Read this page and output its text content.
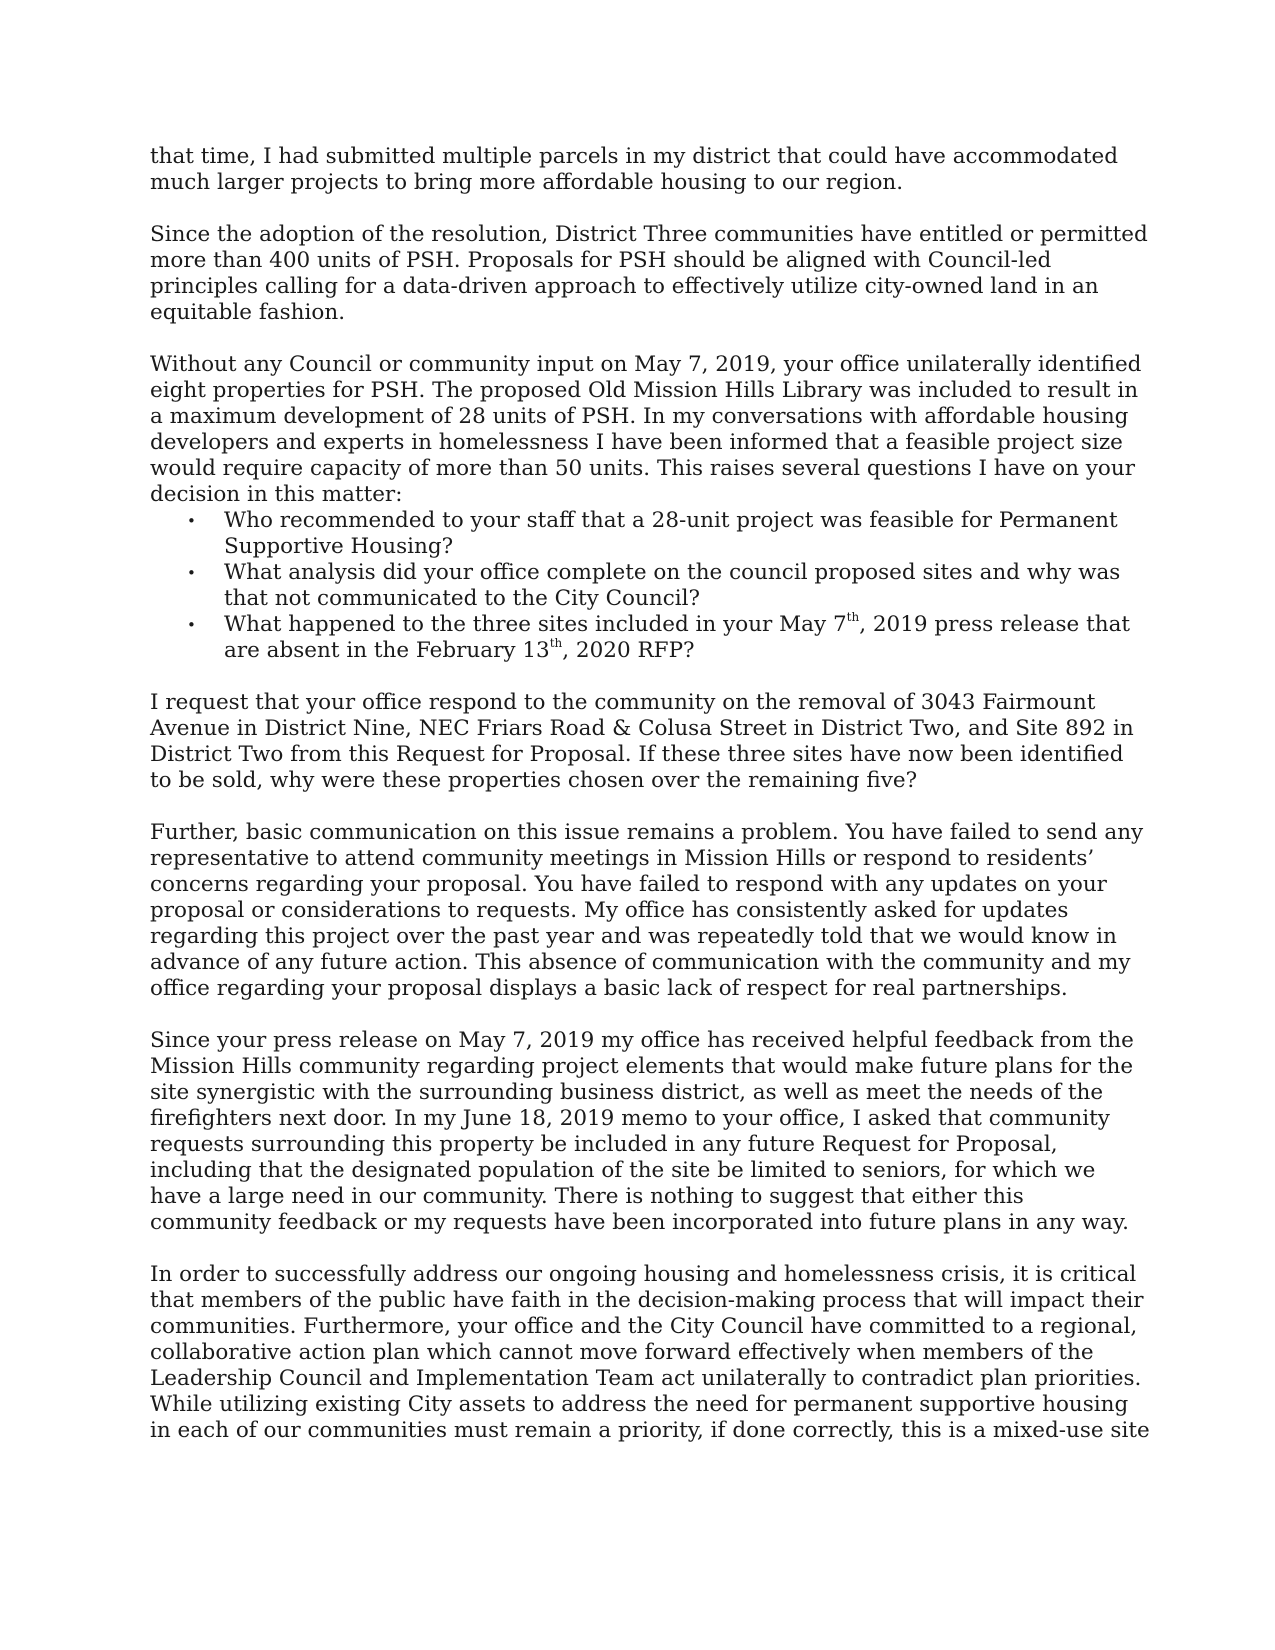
that time, I had submitted multiple parcels in my district that could have accommodated much larger projects to bring more affordable housing to our region.

Since the adoption of the resolution, District Three communities have entitled or permitted more than 400 units of PSH. Proposals for PSH should be aligned with Council-led principles calling for a data-driven approach to effectively utilize city-owned land in an equitable fashion.

Without any Council or community input on May 7, 2019, your office unilaterally identified eight properties for PSH. The proposed Old Mission Hills Library was included to result in a maximum development of 28 units of PSH. In my conversations with affordable housing developers and experts in homelessness I have been informed that a feasible project size would require capacity of more than 50 units. This raises several questions I have on your decision in this matter:

• Who recommended to your staff that a 28-unit project was feasible for Permanent Supportive Housing?
• What analysis did your office complete on the council proposed sites and why was that not communicated to the City Council?
• What happened to the three sites included in your May 7th, 2019 press release that are absent in the February 13th, 2020 RFP?

I request that your office respond to the community on the removal of 3043 Fairmount Avenue in District Nine, NEC Friars Road & Colusa Street in District Two, and Site 892 in District Two from this Request for Proposal. If these three sites have now been identified to be sold, why were these properties chosen over the remaining five?

Further, basic communication on this issue remains a problem. You have failed to send any representative to attend community meetings in Mission Hills or respond to residents’ concerns regarding your proposal. You have failed to respond with any updates on your proposal or considerations to requests. My office has consistently asked for updates regarding this project over the past year and was repeatedly told that we would know in advance of any future action. This absence of communication with the community and my office regarding your proposal displays a basic lack of respect for real partnerships.

Since your press release on May 7, 2019 my office has received helpful feedback from the Mission Hills community regarding project elements that would make future plans for the site synergistic with the surrounding business district, as well as meet the needs of the firefighters next door. In my June 18, 2019 memo to your office, I asked that community requests surrounding this property be included in any future Request for Proposal, including that the designated population of the site be limited to seniors, for which we have a large need in our community. There is nothing to suggest that either this community feedback or my requests have been incorporated into future plans in any way.

In order to successfully address our ongoing housing and homelessness crisis, it is critical that members of the public have faith in the decision-making process that will impact their communities. Furthermore, your office and the City Council have committed to a regional, collaborative action plan which cannot move forward effectively when members of the Leadership Council and Implementation Team act unilaterally to contradict plan priorities. While utilizing existing City assets to address the need for permanent supportive housing in each of our communities must remain a priority, if done correctly, this is a mixed-use site
